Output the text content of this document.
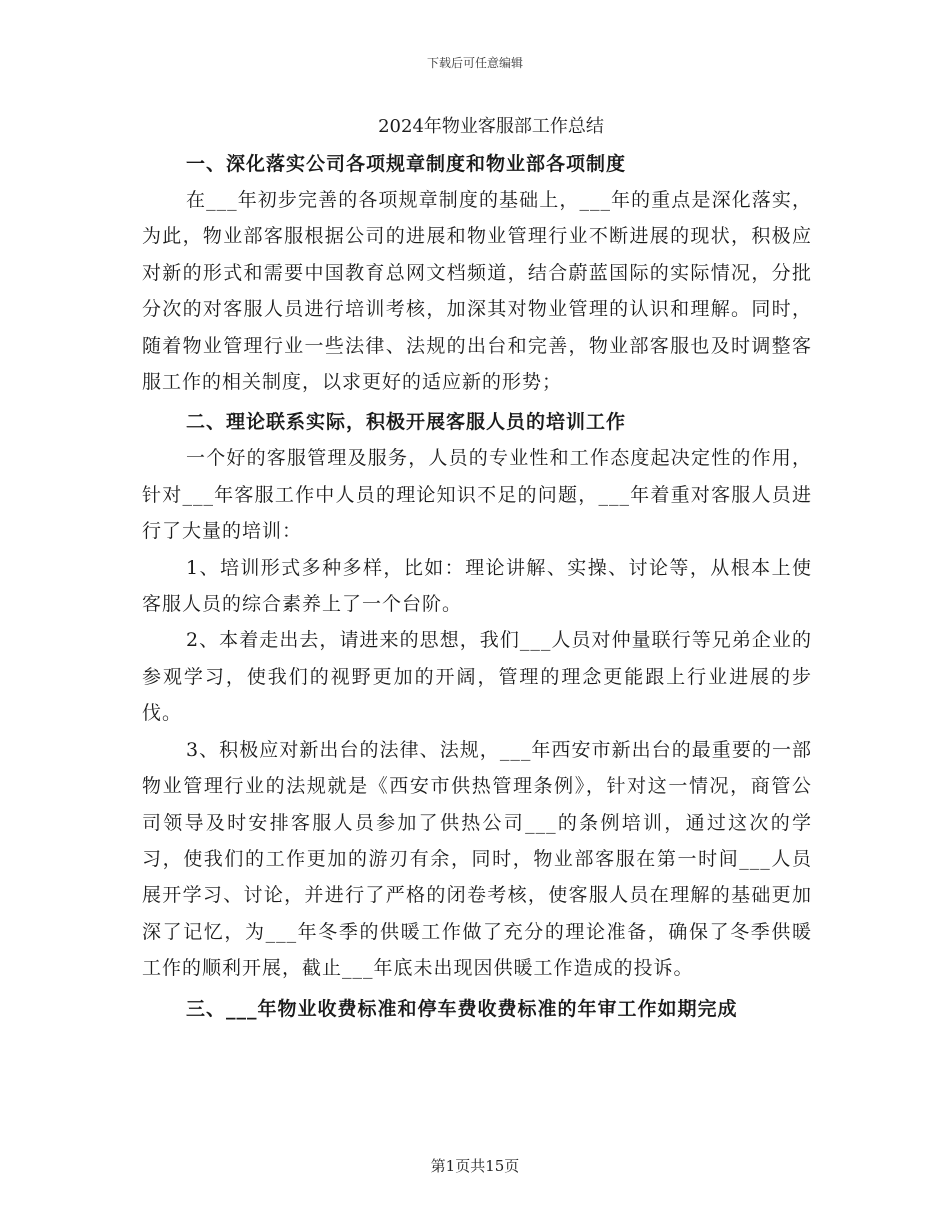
下载后可任意编辑
2024年物业客服部工作总结
一、深化落实公司各项规章制度和物业部各项制度
在___年初步完善的各项规章制度的基础上，___年的重点是深化落实，为此，物业部客服根据公司的进展和物业管理行业不断进展的现状，积极应对新的形式和需要中国教育总网文档频道，结合蔚蓝国际的实际情况，分批分次的对客服人员进行培训考核，加深其对物业管理的认识和理解。同时，随着物业管理行业一些法律、法规的出台和完善，物业部客服也及时调整客服工作的相关制度，以求更好的适应新的形势；
二、理论联系实际，积极开展客服人员的培训工作
一个好的客服管理及服务，人员的专业性和工作态度起决定性的作用，针对___年客服工作中人员的理论知识不足的问题，___年着重对客服人员进行了大量的培训：
1、培训形式多种多样，比如：理论讲解、实操、讨论等，从根本上使客服人员的综合素养上了一个台阶。
2、本着走出去，请进来的思想，我们___人员对仲量联行等兄弟企业的参观学习，使我们的视野更加的开阔，管理的理念更能跟上行业进展的步伐。
3、积极应对新出台的法律、法规，___年西安市新出台的最重要的一部物业管理行业的法规就是《西安市供热管理条例》，针对这一情况，商管公司领导及时安排客服人员参加了供热公司___的条例培训，通过这次的学习，使我们的工作更加的游刃有余，同时，物业部客服在第一时间___人员展开学习、讨论，并进行了严格的闭卷考核，使客服人员在理解的基础更加深了记忆，为___年冬季的供暖工作做了充分的理论准备，确保了冬季供暖工作的顺利开展，截止___年底未出现因供暖工作造成的投诉。
三、___年物业收费标准和停车费收费标准的年审工作如期完成
第1页共15页
